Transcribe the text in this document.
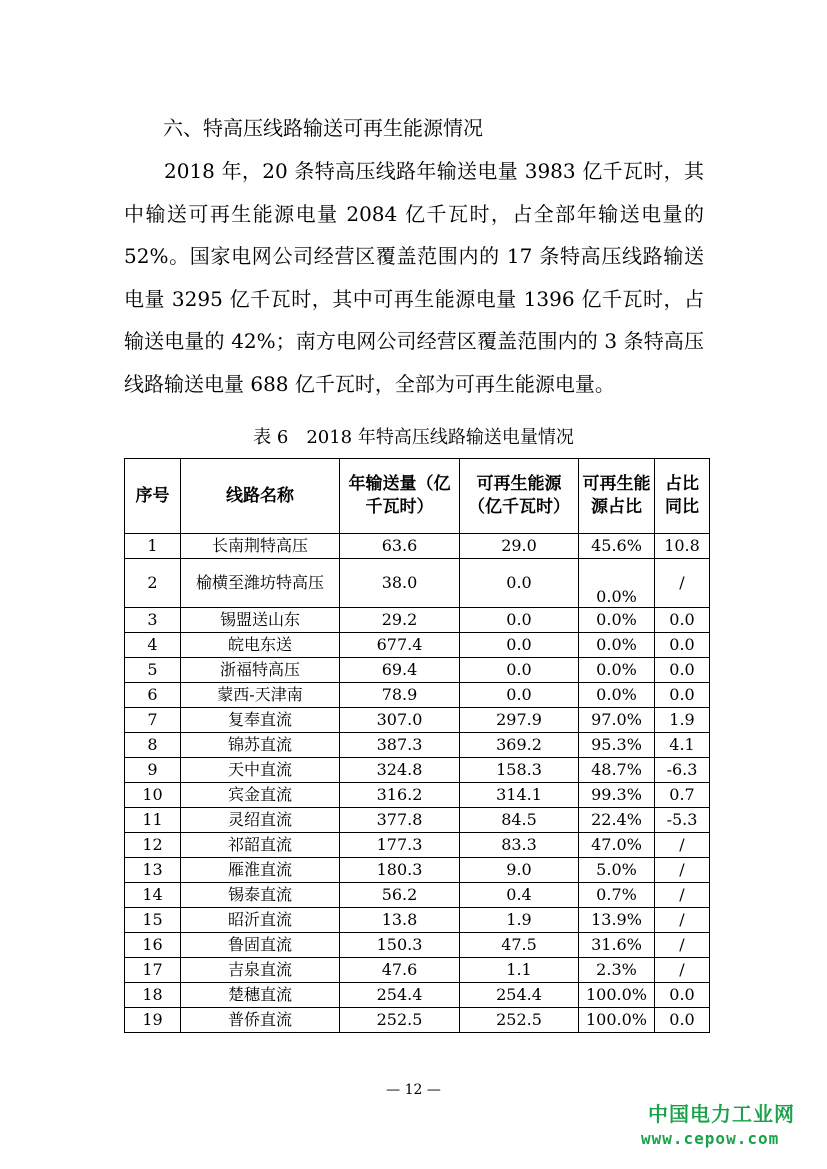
六、特高压线路输送可再生能源情况

2018 年，20 条特高压线路年输送电量 3983 亿千瓦时，其中输送可再生能源电量 2084 亿千瓦时，占全部年输送电量的 52%。国家电网公司经营区覆盖范围内的 17 条特高压线路输送电量 3295 亿千瓦时，其中可再生能源电量 1396 亿千瓦时，占输送电量的 42%；南方电网公司经营区覆盖范围内的 3 条特高压线路输送电量 688 亿千瓦时，全部为可再生能源电量。

表 6　2018 年特高压线路输送电量情况
序号	线路名称	年输送量（亿千瓦时）	可再生能源（亿千瓦时）	可再生能源占比	占比同比
1	长南荆特高压	63.6	29.0	45.6%	10.8
2	榆横至潍坊特高压	38.0	0.0	0.0%	/
3	锡盟送山东	29.2	0.0	0.0%	0.0
4	皖电东送	677.4	0.0	0.0%	0.0
5	浙福特高压	69.4	0.0	0.0%	0.0
6	蒙西-天津南	78.9	0.0	0.0%	0.0
7	复奉直流	307.0	297.9	97.0%	1.9
8	锦苏直流	387.3	369.2	95.3%	4.1
9	天中直流	324.8	158.3	48.7%	-6.3
10	宾金直流	316.2	314.1	99.3%	0.7
11	灵绍直流	377.8	84.5	22.4%	-5.3
12	祁韶直流	177.3	83.3	47.0%	/
13	雁淮直流	180.3	9.0	5.0%	/
14	锡泰直流	56.2	0.4	0.7%	/
15	昭沂直流	13.8	1.9	13.9%	/
16	鲁固直流	150.3	47.5	31.6%	/
17	吉泉直流	47.6	1.1	2.3%	/
18	楚穗直流	254.4	254.4	100.0%	0.0
19	普侨直流	252.5	252.5	100.0%	0.0
— 12 —
中国电力工业网
www.cepow.com
